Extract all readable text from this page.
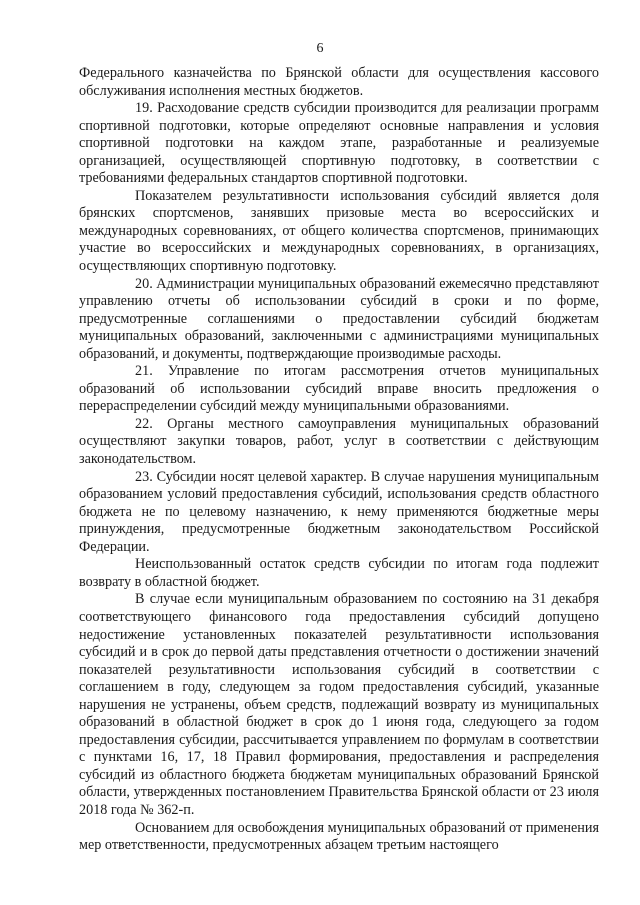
6

Федерального казначейства по Брянской области для осуществления кассового обслуживания исполнения местных бюджетов.

19. Расходование средств субсидии производится для реализации программ спортивной подготовки, которые определяют основные направления и условия спортивной подготовки на каждом этапе, разработанные и реализуемые организацией, осуществляющей спортивную подготовку, в соответствии с требованиями федеральных стандартов спортивной подготовки.

Показателем результативности использования субсидий является доля брянских спортсменов, занявших призовые места во всероссийских и международных соревнованиях, от общего количества спортсменов, принимающих участие во всероссийских и международных соревнованиях, в организациях, осуществляющих спортивную подготовку.

20. Администрации муниципальных образований ежемесячно представляют управлению отчеты об использовании субсидий в сроки и по форме, предусмотренные соглашениями о предоставлении субсидий бюджетам муниципальных образований, заключенными с администрациями муниципальных образований, и документы, подтверждающие производимые расходы.

21. Управление по итогам рассмотрения отчетов муниципальных образований об использовании субсидий вправе вносить предложения о перераспределении субсидий между муниципальными образованиями.

22. Органы местного самоуправления муниципальных образований осуществляют закупки товаров, работ, услуг в соответствии с действующим законодательством.

23. Субсидии носят целевой характер. В случае нарушения муниципальным образованием условий предоставления субсидий, использования средств областного бюджета не по целевому назначению, к нему применяются бюджетные меры принуждения, предусмотренные бюджетным законодательством Российской Федерации.

Неиспользованный остаток средств субсидии по итогам года подлежит возврату в областной бюджет.

В случае если муниципальным образованием по состоянию на 31 декабря соответствующего финансового года предоставления субсидий допущено недостижение установленных показателей результативности использования субсидий и в срок до первой даты представления отчетности о достижении значений показателей результативности использования субсидий в соответствии с соглашением в году, следующем за годом предоставления субсидий, указанные нарушения не устранены, объем средств, подлежащий возврату из муниципальных образований в областной бюджет в срок до 1 июня года, следующего за годом предоставления субсидии, рассчитывается управлением по формулам в соответствии с пунктами 16, 17, 18 Правил формирования, предоставления и распределения субсидий из областного бюджета бюджетам муниципальных образований Брянской области, утвержденных постановлением Правительства Брянской области от 23 июля 2018 года № 362-п.

Основанием для освобождения муниципальных образований от применения мер ответственности, предусмотренных абзацем третьим настоящего
